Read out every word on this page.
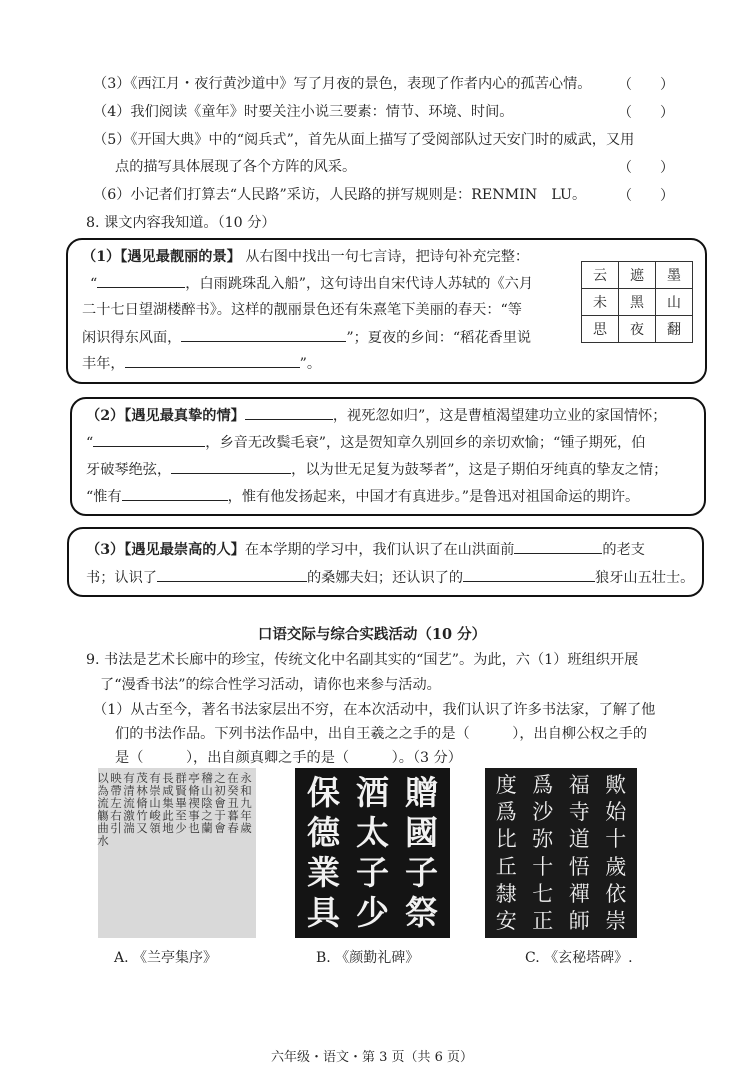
（3）《西江月・夜行黄沙道中》写了月夜的景色，表现了作者内心的孤苦心情。 （　　）
（4）我们阅读《童年》时要关注小说三要素：情节、环境、时间。	（　　）
（5）《开国大典》中的“阅兵式”，首先从面上描写了受阅部队过天安门时的威武，又用
点的描写具体展现了各个方阵的风采。	（　　）
（6）小记者们打算去“人民路”采访，人民路的拼写规则是：RENMIN　LU。 （　　）
8. 课文内容我知道。（10 分）
（1）【遇见最靓丽的景】 从右图中找出一句七言诗，把诗句补充完整：
“	，白雨跳珠乱入船”，这句诗出自宋代诗人苏轼的《六月
二十七日望湖楼醉书》。这样的靓丽景色还有朱熹笔下美丽的春天：“等
闲识得东风面，	”；夏夜的乡间：“稻花香里说
丰年，	”。
云	遮	墨
未	黑	山
思	夜	翻
（2）【遇见最真挚的情】	，视死忽如归”，这是曹植渴望建功立业的家国情怀；
“	，乡音无改鬓毛衰”，这是贺知章久别回乡的亲切欢愉；“锺子期死，伯
牙破琴绝弦，	，以为世无足复为鼓琴者”，这是子期伯牙纯真的挚友之情；
“惟有	，惟有他发扬起来，中国才有真进步。”是鲁迅对祖国命运的期许。
（3）【遇见最崇高的人】在本学期的学习中，我们认识了在山洪面前	的老支
书；认识了	的桑娜夫妇；还认识了的	狼牙山五壮士。
口语交际与综合实践活动（10 分）
9. 书法是艺术长廊中的珍宝，传统文化中名副其实的“国艺”。为此，六（1）班组织开展
了“漫香书法”的综合性学习活动，请你也来参与活动。
（1）从古至今，著名书法家层出不穷，在本次活动中，我们认识了许多书法家，了解了他
们的书法作品。下列书法作品中，出自王羲之之手的是（　　　），出自柳公权之手的
是（　　　），出自颜真卿之手的是（　　　）。（3 分）
永和九年歲
在癸丑暮春
之初會于會
稽山陰之蘭
亭脩禊事也
群賢畢至少
長咸集此地
有崇山峻領
茂林脩竹又
有清流激湍
映帶左右引
以為流觴曲水
A. 《兰亭集序》
贈
國
子
祭
酒
太
子
少
保
德
業
具
B. 《颜勤礼碑》
歟
始
十
歲
依
崇
福
寺
道
悟
禪
師
爲
沙
弥
十
七
正
度
爲
比
丘
隸
安
C. 《玄秘塔碑》.
六年级・语文・第 3 页（共 6 页）
